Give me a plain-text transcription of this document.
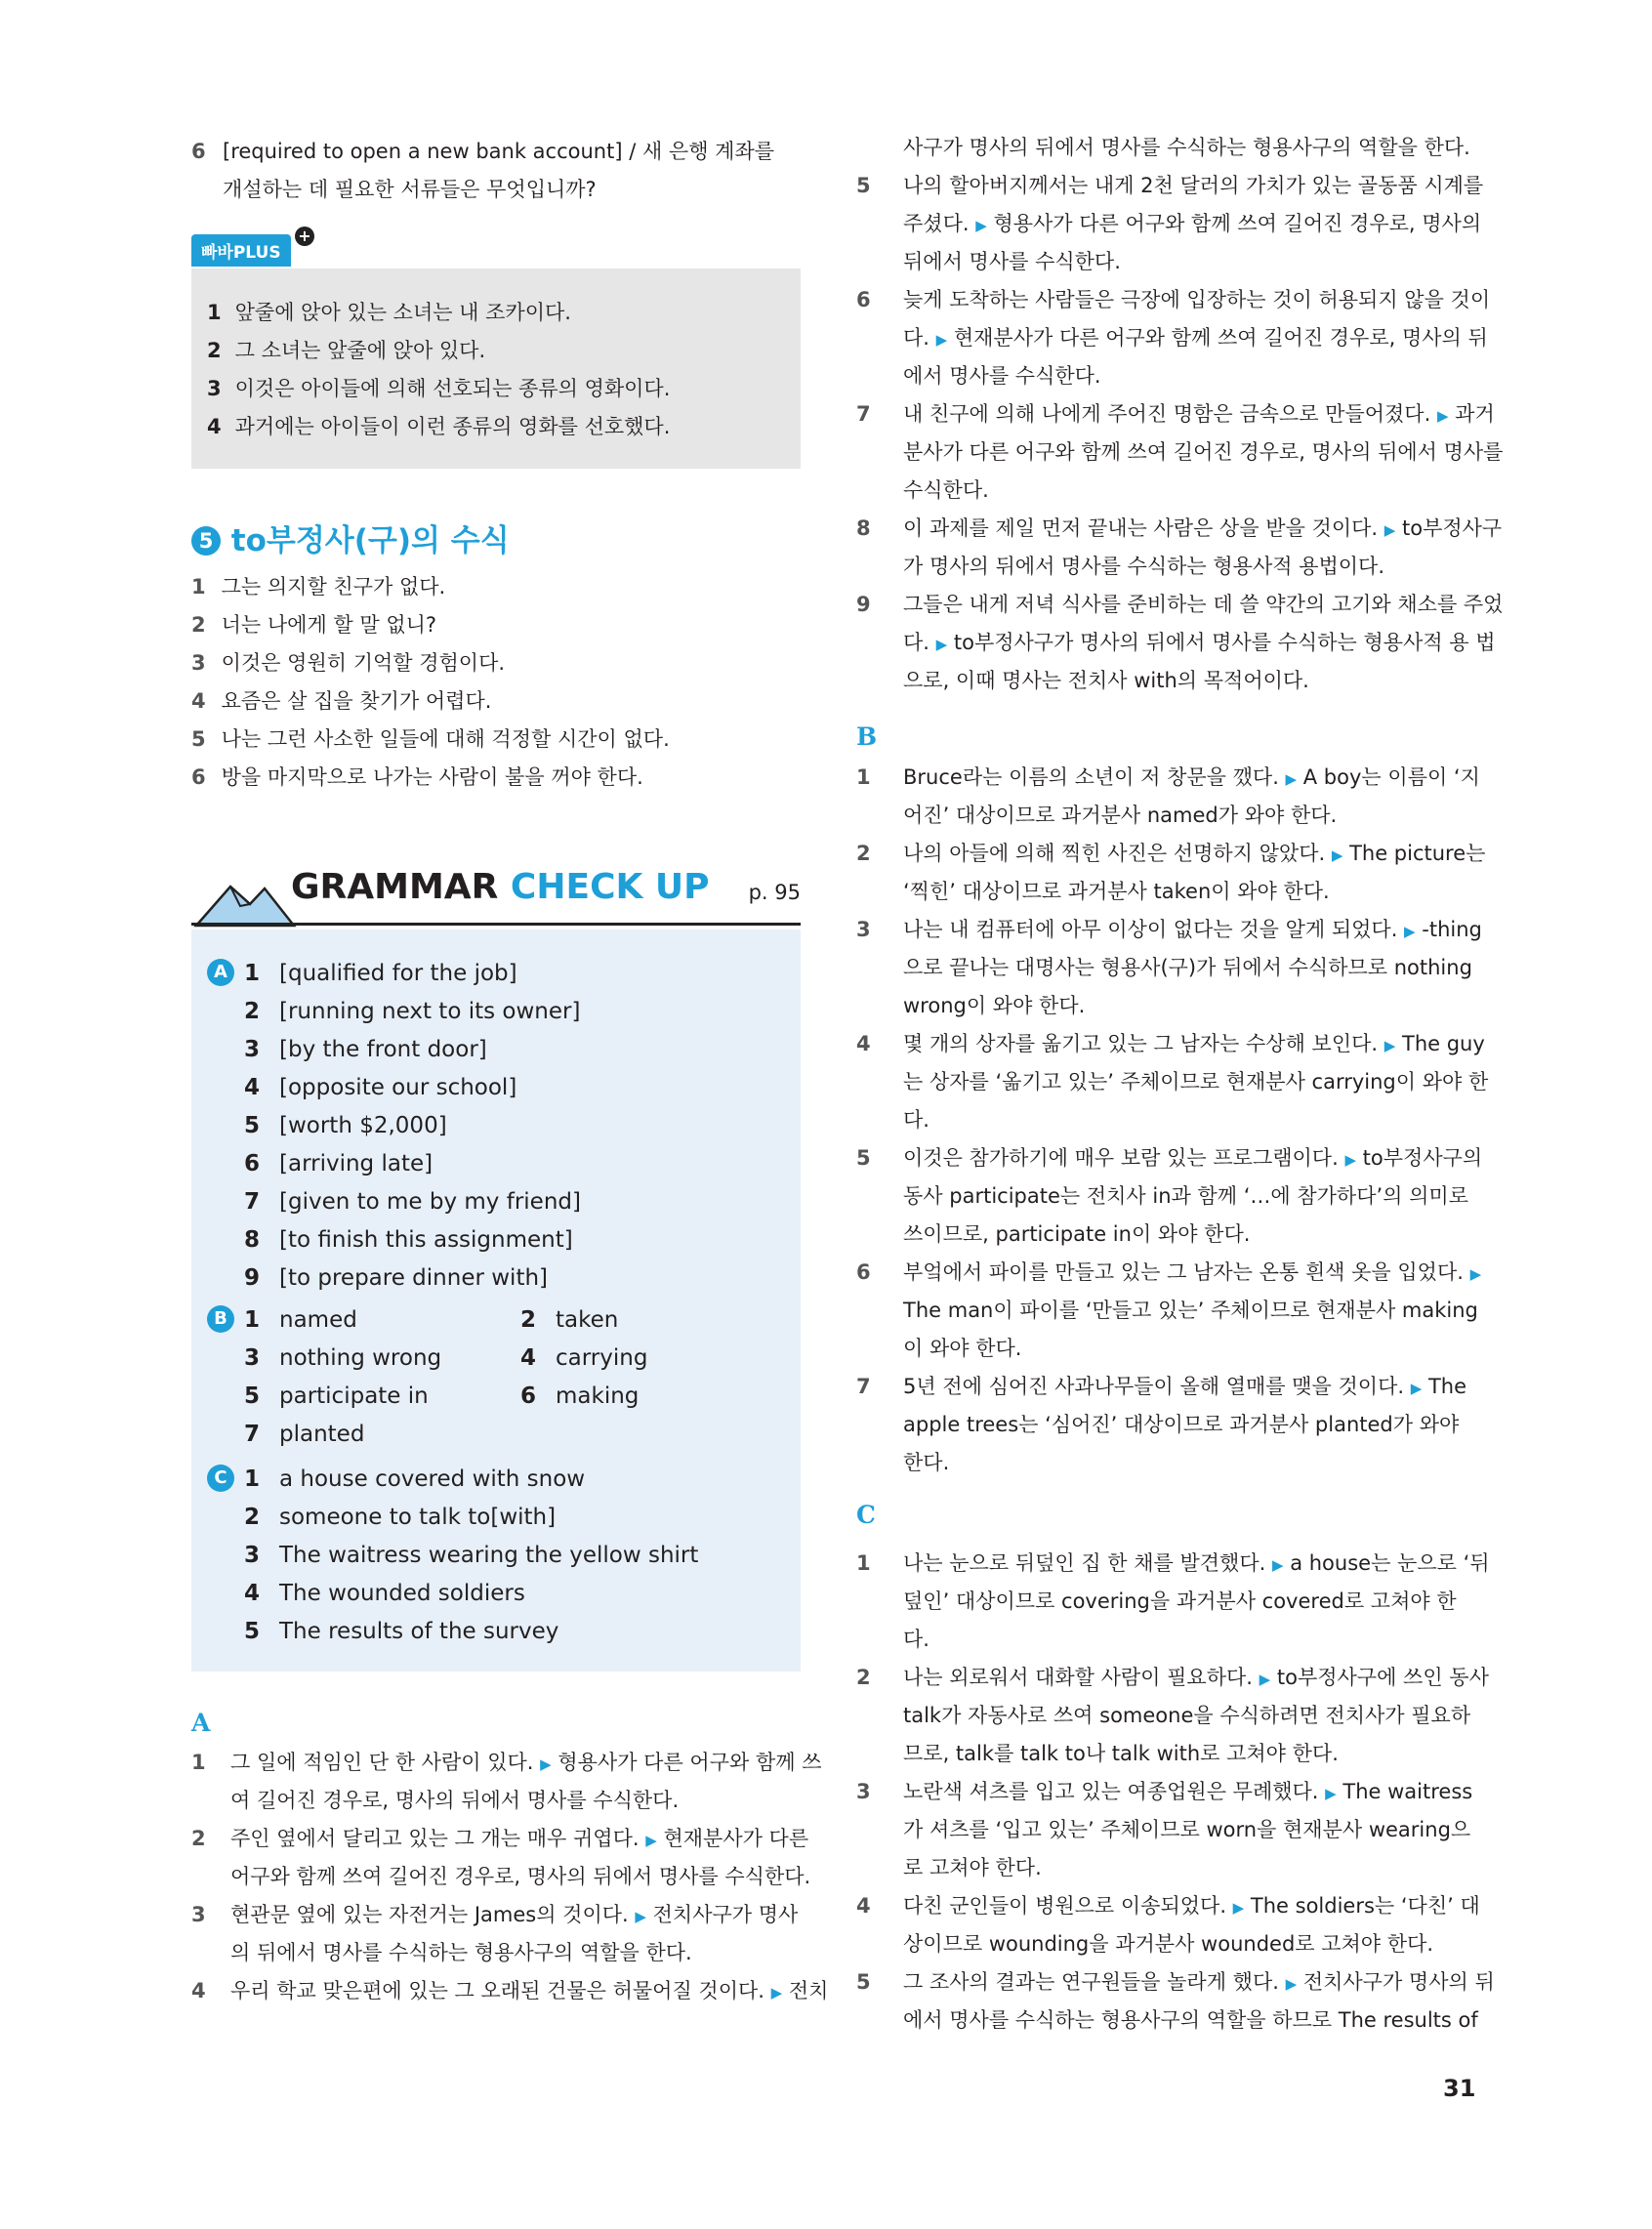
6 [required to open a new bank account] / 새 은행 계좌를
개설하는 데 필요한 서류들은 무엇입니까?
빠바PLUS
+
1 앞줄에 앉아 있는 소녀는 내 조카이다.
2 그 소녀는 앞줄에 앉아 있다.
3 이것은 아이들에 의해 선호되는 종류의 영화이다.
4 과거에는 아이들이 이런 종류의 영화를 선호했다.
5 to부정사(구)의 수식
1 그는 의지할 친구가 없다.
2 너는 나에게 할 말 없니?
3 이것은 영원히 기억할 경험이다.
4 요즘은 살 집을 찾기가 어렵다.
5 나는 그런 사소한 일들에 대해 걱정할 시간이 없다.
6 방을 마지막으로 나가는 사람이 불을 꺼야 한다.
GRAMMAR CHECK UP p. 95
A 1 [qualified for the job]
2 [running next to its owner]
3 [by the front door]
4 [opposite our school]
5 [worth $2,000]
6 [arriving late]
7 [given to me by my friend]
8 [to finish this assignment]
9 [to prepare dinner with]
B 1 named	2 taken
3 nothing wrong	4 carrying
5 participate in	6 making
7 planted
C 1 a house covered with snow
2 someone to talk to[with]
3 The waitress wearing the yellow shirt
4 The wounded soldiers
5 The results of the survey
A
1 그 일에 적임인 단 한 사람이 있다. ▶ 형용사가 다른 어구와 함께 쓰
여 길어진 경우로, 명사의 뒤에서 명사를 수식한다.
2 주인 옆에서 달리고 있는 그 개는 매우 귀엽다. ▶ 현재분사가 다른
어구와 함께 쓰여 길어진 경우로, 명사의 뒤에서 명사를 수식한다.
3 현관문 옆에 있는 자전거는 James의 것이다. ▶ 전치사구가 명사
의 뒤에서 명사를 수식하는 형용사구의 역할을 한다.
4 우리 학교 맞은편에 있는 그 오래된 건물은 허물어질 것이다. ▶ 전치
사구가 명사의 뒤에서 명사를 수식하는 형용사구의 역할을 한다.
5 나의 할아버지께서는 내게 2천 달러의 가치가 있는 골동품 시계를
주셨다. ▶ 형용사가 다른 어구와 함께 쓰여 길어진 경우로, 명사의
뒤에서 명사를 수식한다.
6 늦게 도착하는 사람들은 극장에 입장하는 것이 허용되지 않을 것이
다. ▶ 현재분사가 다른 어구와 함께 쓰여 길어진 경우로, 명사의 뒤
에서 명사를 수식한다.
7 내 친구에 의해 나에게 주어진 명함은 금속으로 만들어졌다. ▶ 과거
분사가 다른 어구와 함께 쓰여 길어진 경우로, 명사의 뒤에서 명사를
수식한다.
8 이 과제를 제일 먼저 끝내는 사람은 상을 받을 것이다. ▶ to부정사구
가 명사의 뒤에서 명사를 수식하는 형용사적 용법이다.
9 그들은 내게 저녁 식사를 준비하는 데 쓸 약간의 고기와 채소를 주었
다. ▶ to부정사구가 명사의 뒤에서 명사를 수식하는 형용사적 용 법
으로, 이때 명사는 전치사 with의 목적어이다.
B
1 Bruce라는 이름의 소년이 저 창문을 깼다. ▶ A boy는 이름이 ‘지
어진’ 대상이므로 과거분사 named가 와야 한다.
2 나의 아들에 의해 찍힌 사진은 선명하지 않았다. ▶ The picture는
‘찍힌’ 대상이므로 과거분사 taken이 와야 한다.
3 나는 내 컴퓨터에 아무 이상이 없다는 것을 알게 되었다. ▶ -thing
으로 끝나는 대명사는 형용사(구)가 뒤에서 수식하므로 nothing
wrong이 와야 한다.
4 몇 개의 상자를 옮기고 있는 그 남자는 수상해 보인다. ▶ The guy
는 상자를 ‘옮기고 있는’ 주체이므로 현재분사 carrying이 와야 한
다.
5 이것은 참가하기에 매우 보람 있는 프로그램이다. ▶ to부정사구의
동사 participate는 전치사 in과 함께 ‘…에 참가하다’의 의미로
쓰이므로, participate in이 와야 한다.
6 부엌에서 파이를 만들고 있는 그 남자는 온통 흰색 옷을 입었다. ▶
The man이 파이를 ‘만들고 있는’ 주체이므로 현재분사 making
이 와야 한다.
7 5년 전에 심어진 사과나무들이 올해 열매를 맺을 것이다. ▶ The
apple trees는 ‘심어진’ 대상이므로 과거분사 planted가 와야
한다.
C
1 나는 눈으로 뒤덮인 집 한 채를 발견했다. ▶ a house는 눈으로 ‘뒤
덮인’ 대상이므로 covering을 과거분사 covered로 고쳐야 한
다.
2 나는 외로워서 대화할 사람이 필요하다. ▶ to부정사구에 쓰인 동사
talk가 자동사로 쓰여 someone을 수식하려면 전치사가 필요하
므로, talk를 talk to나 talk with로 고쳐야 한다.
3 노란색 셔츠를 입고 있는 여종업원은 무례했다. ▶ The waitress
가 셔츠를 ‘입고 있는’ 주체이므로 worn을 현재분사 wearing으
로 고쳐야 한다.
4 다친 군인들이 병원으로 이송되었다. ▶ The soldiers는 ‘다친’ 대
상이므로 wounding을 과거분사 wounded로 고쳐야 한다.
5 그 조사의 결과는 연구원들을 놀라게 했다. ▶ 전치사구가 명사의 뒤
에서 명사를 수식하는 형용사구의 역할을 하므로 The results of
31
